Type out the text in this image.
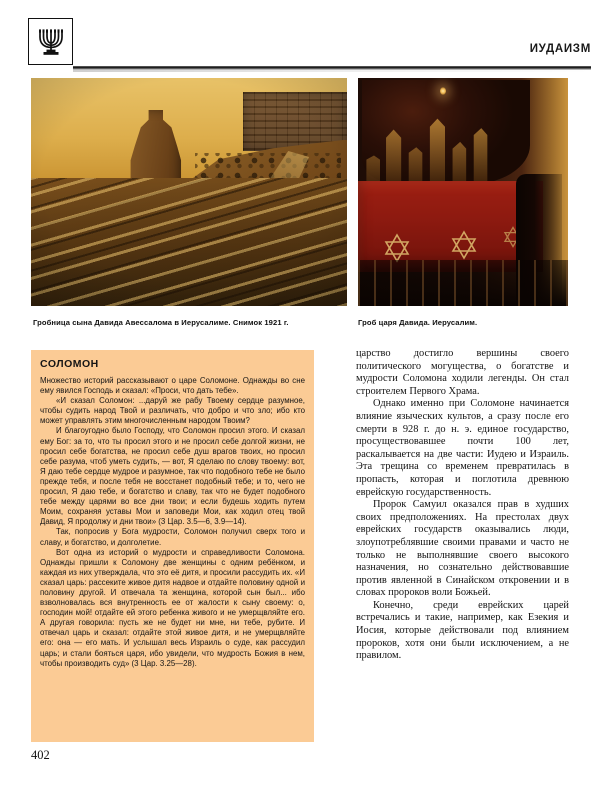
ИУДАИЗМ
Гробница сына Давида Авессалома в Иерусалиме. Снимок 1921 г.	Гроб царя Давида. Иерусалим.
СОЛОМОН

Множество историй рассказывают о царе Соломоне. Однажды во сне ему явился Господь и сказал: «Проси, что дать тебе».

«И сказал Соломон: ...даруй же рабу Твоему сердце разумное, чтобы судить народ Твой и различать, что добро и что зло; ибо кто может управлять этим многочисленным народом Твоим?

И благоугодно было Господу, что Соломон просил этого. И сказал ему Бог: за то, что ты просил этого и не просил себе долгой жизни, не просил себе богатства, не просил себе душ врагов твоих, но просил себе разума, чтоб уметь судить, — вот, Я сделаю по слову твоему: вот, Я даю тебе сердце мудрое и разумное, так что подобного тебе не было прежде тебя, и после тебя не восстанет подобный тебе; и то, чего не просил, Я даю тебе, и богатство и славу, так что не будет подобного тебе между царями во все дни твои; и если будешь ходить путем Моим, сохраняя уставы Мои и заповеди Мои, как ходил отец твой Давид, Я продолжу и дни твои» (3 Цар. 3.5—6, 3.9—14).

Так, попросив у Бога мудрости, Соломон получил сверх того и славу, и богатство, и долголетие.

Вот одна из историй о мудрости и справедливости Соломона. Однажды пришли к Соломону две женщины с одним ребёнком, и каждая из них утверждала, что это её дитя, и просили рассудить их. «И сказал царь: рассеките живое дитя надвое и отдайте половину одной и половину другой. И отвечала та женщина, которой сын был... ибо взволновалась вся внутренность ее от жалости к сыну своему: о, господин мой! отдайте ей этого ребенка живого и не умерщвляйте его. А другая говорила: пусть же не будет ни мне, ни тебе, рубите. И отвечал царь и сказал: отдайте этой живое дитя, и не умерщвляйте его: она — его мать. И услышал весь Израиль о суде, как рассудил царь; и стали бояться царя, ибо увидели, что мудрость Божия в нем, чтобы производить суд» (3 Цар. 3.25—28).

царство достигло вершины своего политического могущества, о богатстве и мудрости Соломона ходили легенды. Он стал строителем Первого Храма.

Однако именно при Соломоне начинается влияние языческих культов, а сразу после его смерти в 928 г. до н. э. единое государство, просуществовавшее почти 100 лет, раскалывается на две части: Иудею и Израиль. Эта трещина со временем превратилась в пропасть, которая и поглотила древнюю еврейскую государственность.

Пророк Самуил оказался прав в худших своих предположениях. На престолах двух еврейских государств оказывались люди, злоупотреблявшие своими правами и часто не только не выполнявшие своего высокого назначения, но сознательно действовавшие против явленной в Синайском откровении и в словах пророков воли Божьей.

Конечно, среди еврейских царей встречались и такие, например, как Езекия и Иосия, которые действовали под влиянием пророков, хотя они были исключением, а не правилом.

402
